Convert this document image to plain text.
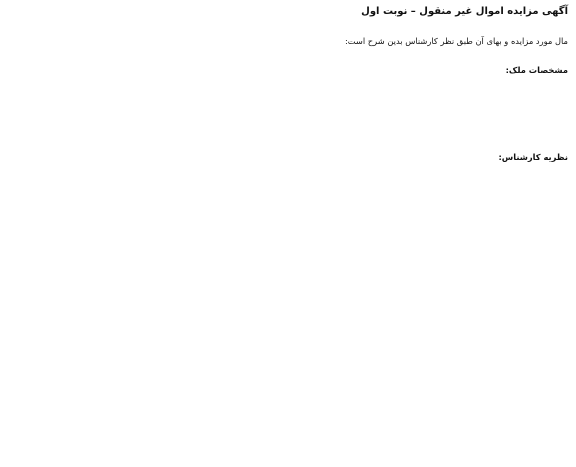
آگهی مزایده اموال غیر منقول – نوبت اول
مال مورد مزایده و بهای آن طبق نظر کارشناس بدین شرح است:
مشخصات ملک:
نظریه کارشناس:
